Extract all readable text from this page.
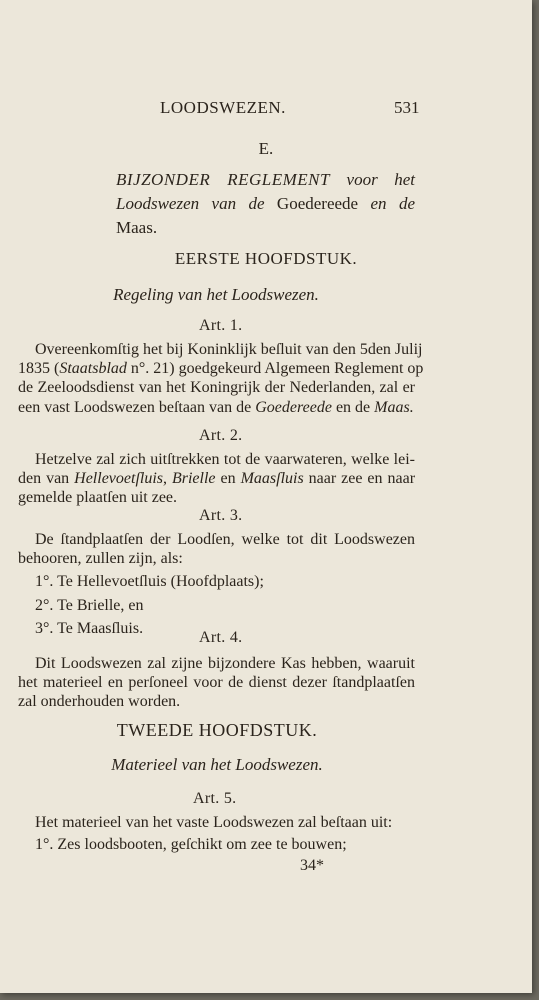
LOODSWEZEN.	531
E.
BIJZONDER REGLEMENT voor het
Loodswezen van de Goedereede en de
Maas.
EERSTE HOOFDSTUK.
Regeling van het Loodswezen.
Art. 1.
Overeenkomſtig het bij Koninklijk beſluit van den 5den Julij
1835 (Staatsblad n°. 21) goedgekeurd Algemeen Reglement op
de Zeeloodsdienst van het Koningrijk der Nederlanden, zal er
een vast Loodswezen beſtaan van de Goedereede en de Maas.
Art. 2.
Hetzelve zal zich uitſtrekken tot de vaarwateren, welke lei-
den van Hellevoetſluis, Brielle en Maasſluis naar zee en naar
gemelde plaatſen uit zee.
Art. 3.
De ſtandplaatſen der Loodſen, welke tot dit Loodswezen
behooren, zullen zijn, als:
1°. Te Hellevoetſluis (Hoofdplaats);
2°. Te Brielle, en
3°. Te Maasſluis.
Art. 4.
Dit Loodswezen zal zijne bijzondere Kas hebben, waaruit
het materieel en perſoneel voor de dienst dezer ſtandplaatſen
zal onderhouden worden.
TWEEDE HOOFDSTUK.
Materieel van het Loodswezen.
Art. 5.
Het materieel van het vaste Loodswezen zal beſtaan uit:
1°. Zes loodsbooten, geſchikt om zee te bouwen;
34*
